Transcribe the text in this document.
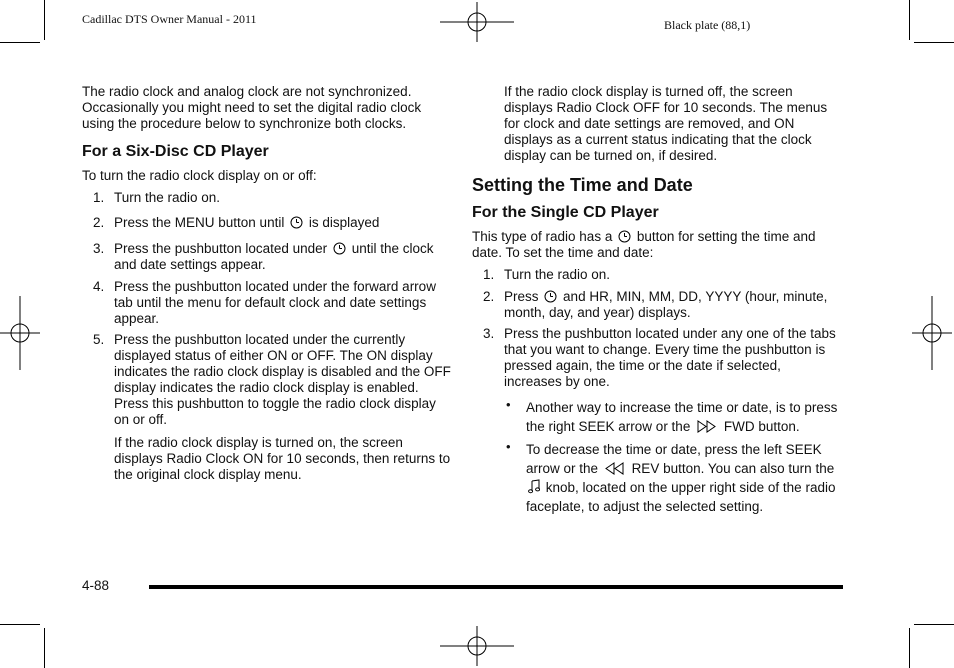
Cadillac DTS Owner Manual - 2011	Black plate (88,1)

The radio clock and analog clock are not synchronized. Occasionally you might need to set the digital radio clock using the procedure below to synchronize both clocks.

For a Six-Disc CD Player

To turn the radio clock display on or off:

1. Turn the radio on.
2. Press the MENU button until is displayed
3. Press the pushbutton located under until the clock and date settings appear.
4. Press the pushbutton located under the forward arrow tab until the menu for default clock and date settings appear.
5. Press the pushbutton located under the currently displayed status of either ON or OFF. The ON display indicates the radio clock display is disabled and the OFF display indicates the radio clock display is enabled. Press this pushbutton to toggle the radio clock display on or off.

If the radio clock display is turned on, the screen displays Radio Clock ON for 10 seconds, then returns to the original clock display menu.

If the radio clock display is turned off, the screen displays Radio Clock OFF for 10 seconds. The menus for clock and date settings are removed, and ON displays as a current status indicating that the clock display can be turned on, if desired.

Setting the Time and Date

For the Single CD Player

This type of radio has a button for setting the time and date. To set the time and date:

1. Turn the radio on.
2. Press and HR, MIN, MM, DD, YYYY (hour, minute, month, day, and year) displays.
3. Press the pushbutton located under any one of the tabs that you want to change. Every time the pushbutton is pressed again, the time or the date if selected, increases by one.
• Another way to increase the time or date, is to press the right SEEK arrow or the FWD button.
• To decrease the time or date, press the left SEEK arrow or the REV button. You can also turn the  knob, located on the upper right side of the radio faceplate, to adjust the selected setting.
4-88
